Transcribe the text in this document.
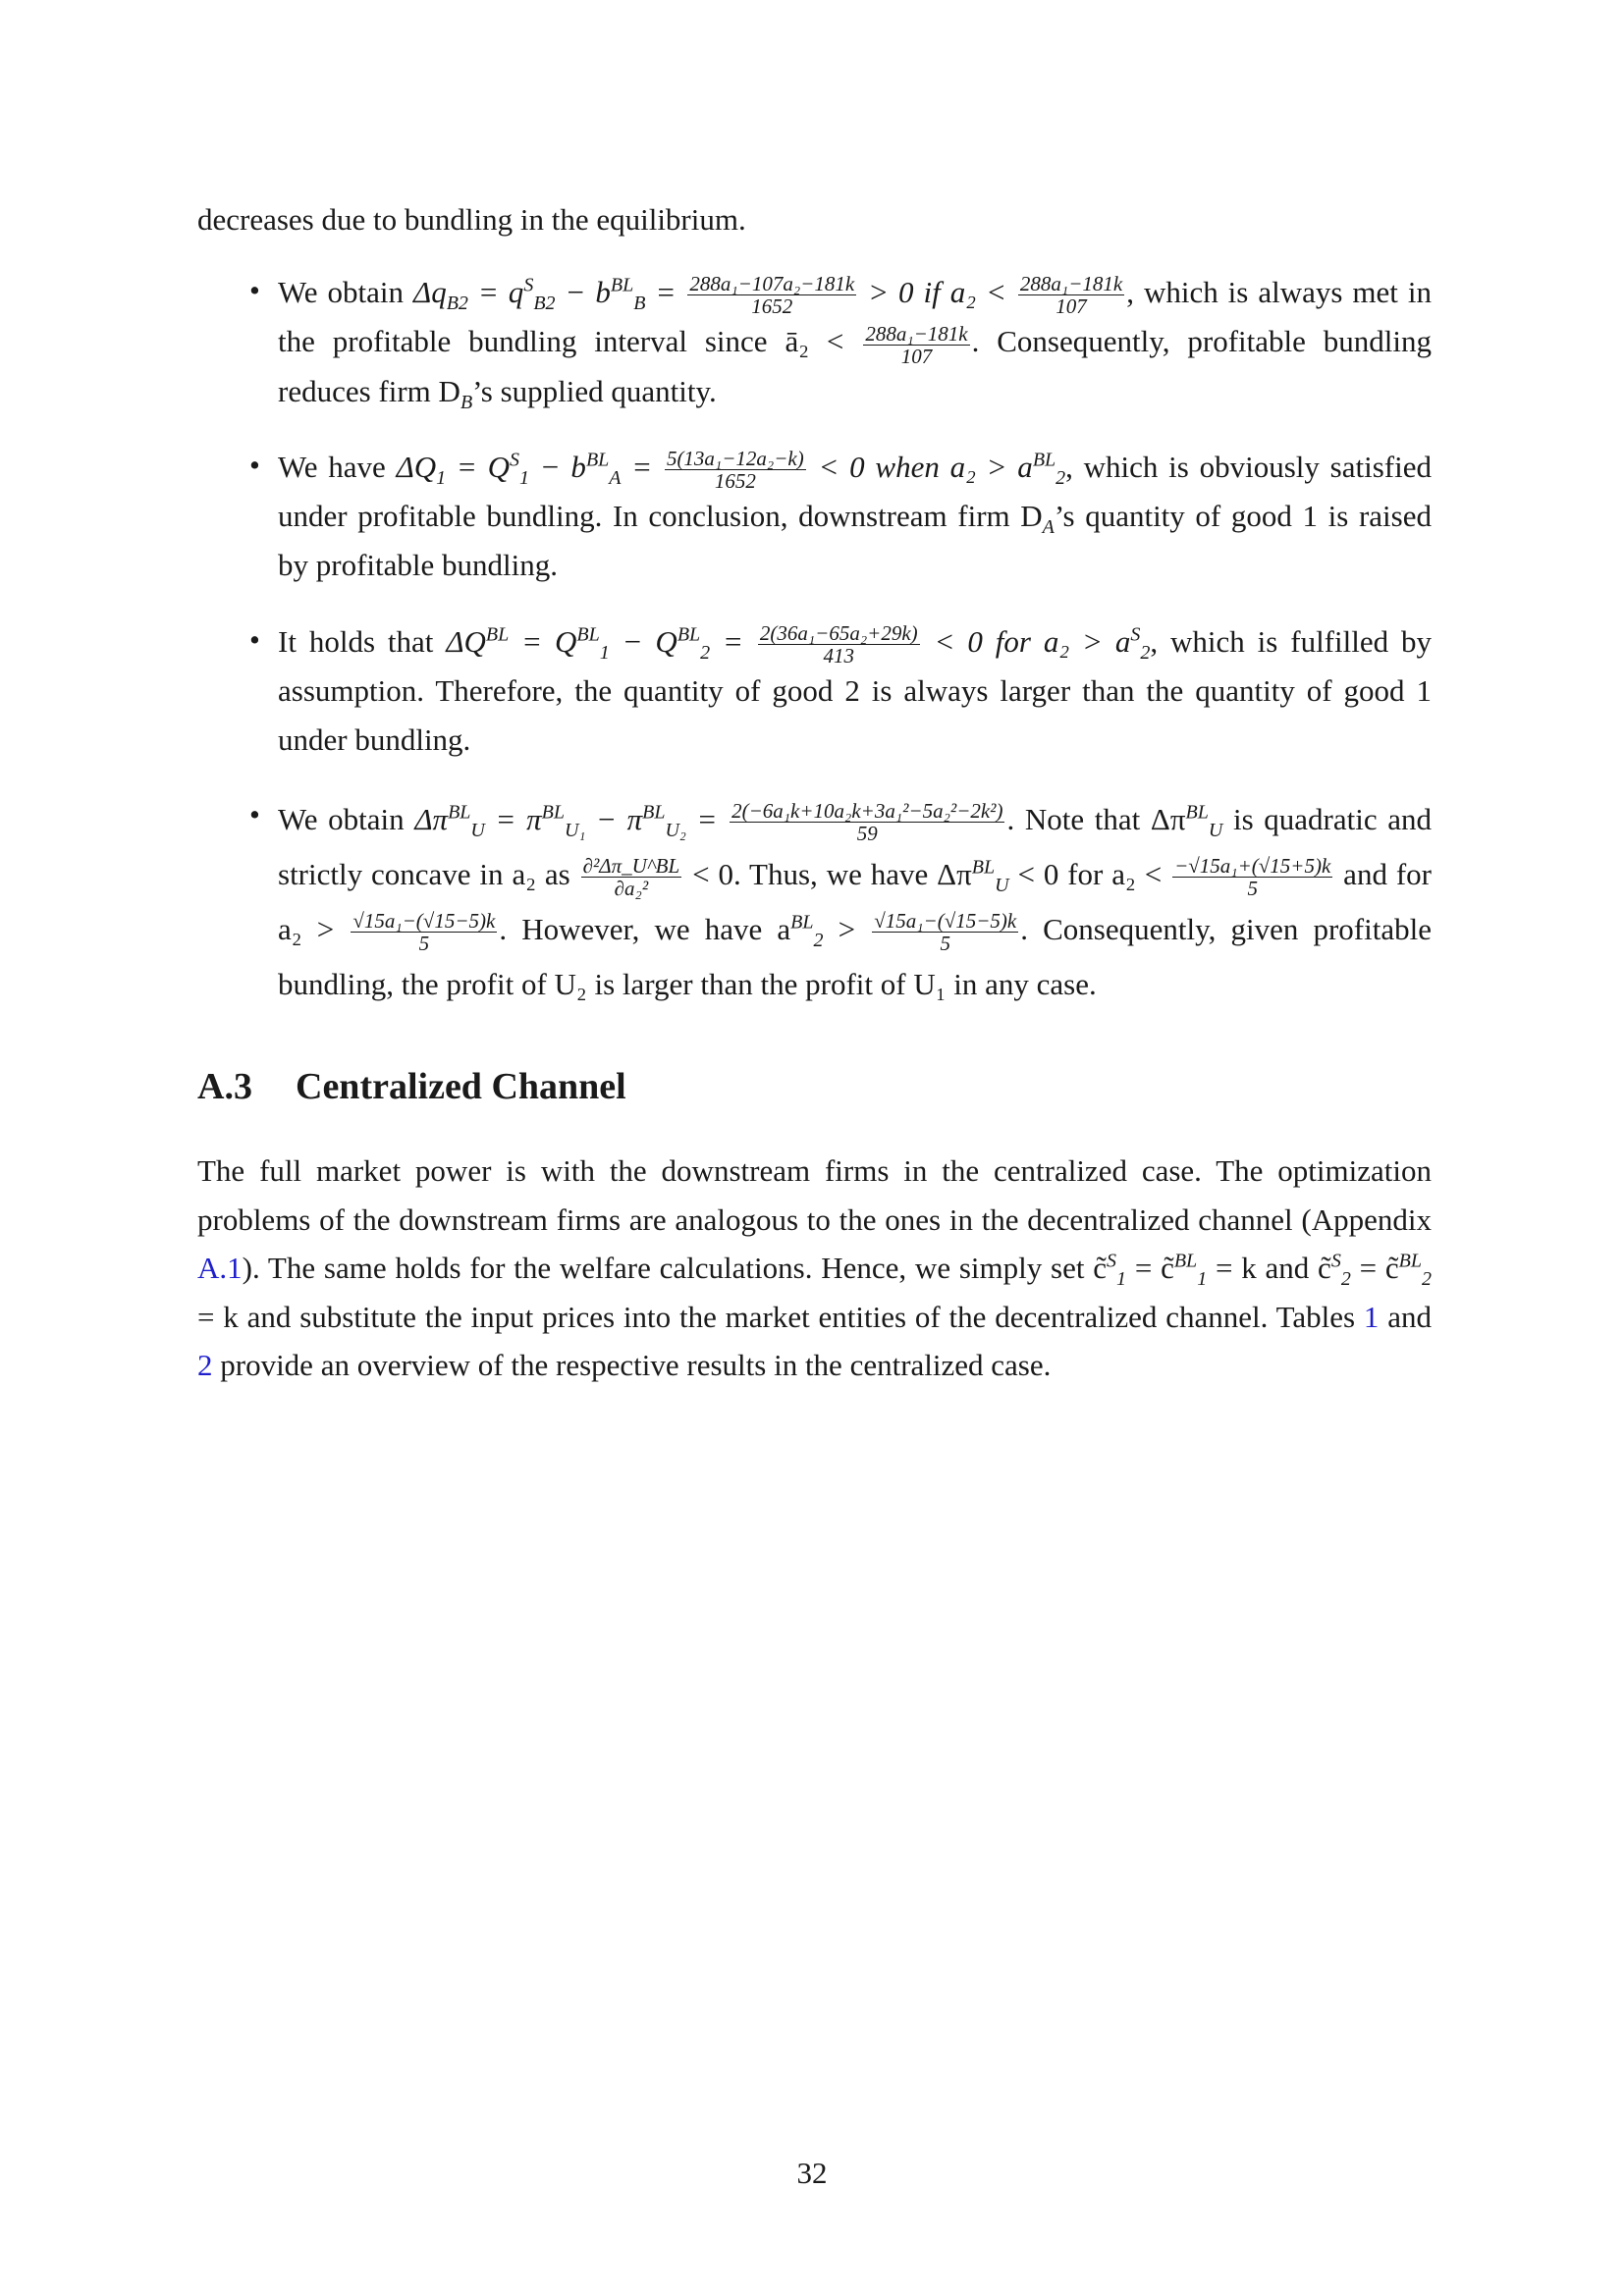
decreases due to bundling in the equilibrium.
• We obtain $\Delta q_{B2} = q^S_{B2} - b^{BL}_B = \frac{\text{288a₁−107a₂−181k}}{1652} > 0$ if $a_2 < \frac{\text{288a₁−181k}}{107}$ , which is always met in the profitable bundling interval since ā₂ < $\frac{\text{288a₁−181k}}{107}$ . Consequently, profitable bundling reduces firm $D_B’s$ supplied quantity.
• We have $\Delta Q_1 = Q^S_1 - b^{BL}_A = \frac{\text{5(13a₁−12a₂−k)}}{1652} < 0$ when $a_2 > a^{BL}_2$, which is obviously satisfied under profitable bundling. In conclusion, downstream firm $D_A’s$ quantity of good 1 is raised by profitable bundling.
• It holds that $\Delta Q^{BL} = Q^{BL}_1 - Q^{BL}_2 = \frac{\text{2(36a₁−65a₂+29k)}}{413} < 0$ for $a_2 > a^S_2$, which is fulfilled by assumption. Therefore, the quantity of good 2 is always larger than the quantity of good 1 under bundling.
• We obtain $\Delta\pi^{BL}_U = \pi^{BL}_{U_1} - \pi^{BL}_{U_2} = \frac{\text{2(−6a₁k+10a₂k+3a₁²−5a₂²−2k²)}}{59}$ . Note that $\Delta\pi^{BL}_U$ is quadratic and strictly concave in a₂ as $\frac{\text{∂²Δπ\_U\textasciicircum{}BL}}{\text{∂a₂²}} < 0$. Thus, we have $\Delta\pi^{BL}_U < 0$ for $a_2 < \frac{\text{−√15a₁+(√15+5)k}}{5}$ and for $a_2 > \frac{\text{√15a₁−(√15−5)k}}{5}$ . However, we have $a^{BL}_2 > \frac{\text{√15a₁−(√15−5)k}}{5}$ . Consequently, given profitable bundling, the profit of U₂ is larger than the profit of U₁ in any case.
A.3 Centralized Channel
The full market power is with the downstream firms in the centralized case. The optimization problems of the downstream firms are analogous to the ones in the decentralized channel (Appendix A.1). The same holds for the welfare calculations. Hence, we simply set c̃$^S_1$ = c̃$^{BL}_1$ = k and c̃$^S_2$ = c̃$^{BL}_2$ = k and substitute the input prices into the market entities of the decentralized channel. Tables 1 and 2 provide an overview of the respective results in the centralized case.
32
